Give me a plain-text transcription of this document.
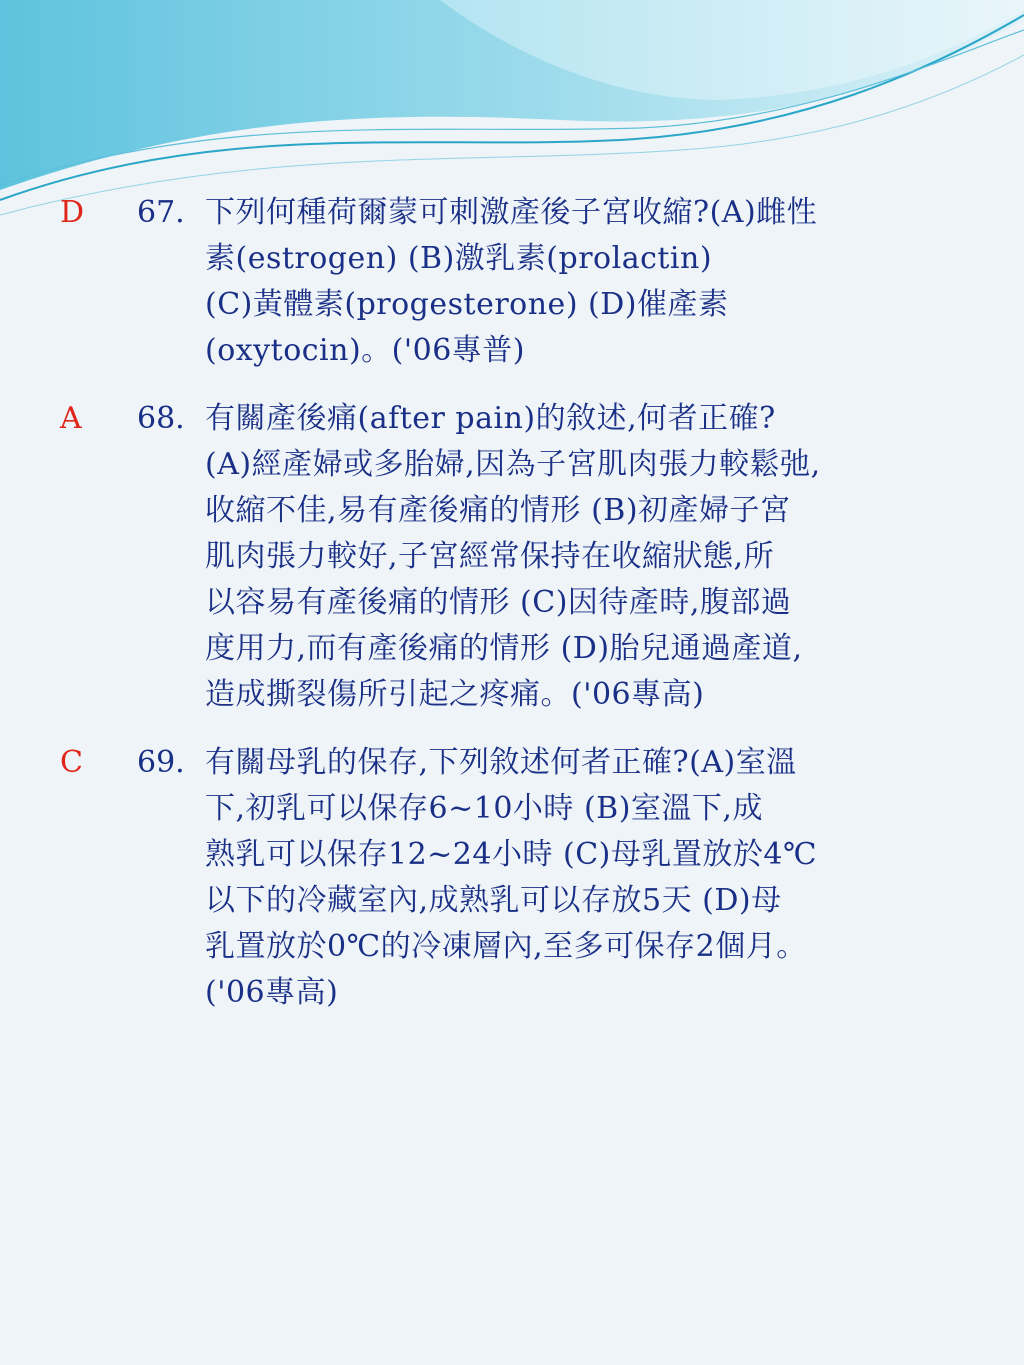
D	67. 下列何種荷爾蒙可刺激產後子宮收縮?(A)雌性
素(estrogen) (B)激乳素(prolactin)
(C)黃體素(progesterone) (D)催產素
(oxytocin)。('06專普)
A	68. 有關產後痛(after pain)的敘述,何者正確?
(A)經產婦或多胎婦,因為子宮肌肉張力較鬆弛,
收縮不佳,易有產後痛的情形 (B)初產婦子宮
肌肉張力較好,子宮經常保持在收縮狀態,所
以容易有產後痛的情形 (C)因待產時,腹部過
度用力,而有產後痛的情形 (D)胎兒通過產道,
造成撕裂傷所引起之疼痛。('06專高)
C	69. 有關母乳的保存,下列敘述何者正確?(A)室溫
下,初乳可以保存6~10小時 (B)室溫下,成
熟乳可以保存12~24小時 (C)母乳置放於4℃
以下的冷藏室內,成熟乳可以存放5天 (D)母
乳置放於0℃的冷凍層內,至多可保存2個月。
('06專高)
